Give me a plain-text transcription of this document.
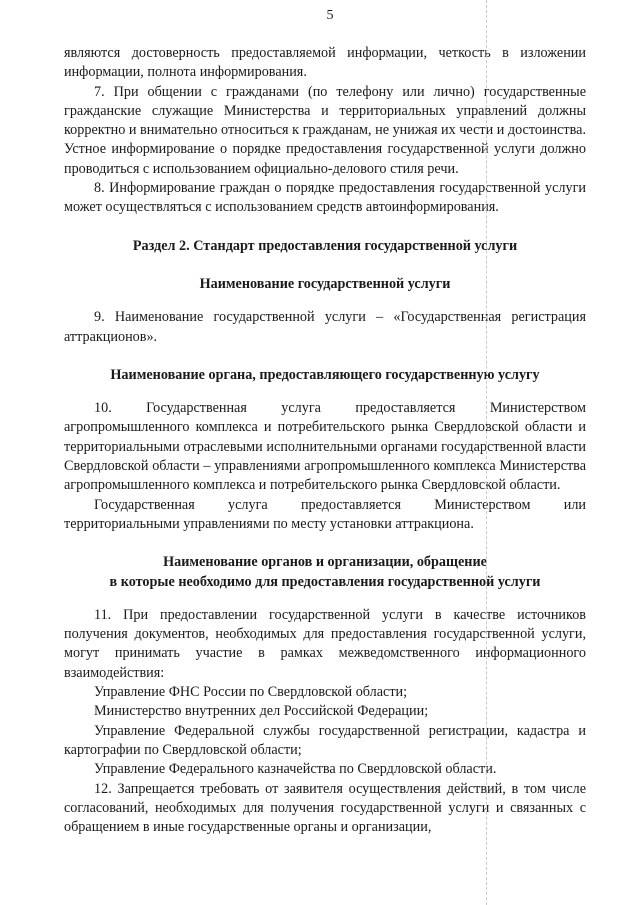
5

являются достоверность предоставляемой информации, четкость в изложении информации, полнота информирования.

7. При общении с гражданами (по телефону или лично) государственные гражданские служащие Министерства и территориальных управлений должны корректно и внимательно относиться к гражданам, не унижая их чести и достоинства. Устное информирование о порядке предоставления государственной услуги должно проводиться с использованием официально-делового стиля речи.

8. Информирование граждан о порядке предоставления государственной услуги может осуществляться с использованием средств автоинформирования.

Раздел 2. Стандарт предоставления государственной услуги
Наименование государственной услуги

9. Наименование государственной услуги – «Государственная регистрация аттракционов».

Наименование органа, предоставляющего государственную услугу

10. Государственная услуга предоставляется Министерством агропромышленного комплекса и потребительского рынка Свердловской области и территориальными отраслевыми исполнительными органами государственной власти Свердловской области – управлениями агропромышленного комплекса Министерства агропромышленного комплекса и потребительского рынка Свердловской области.

Государственная услуга предоставляется Министерством или территориальными управлениями по месту установки аттракциона.

Наименование органов и организации, обращение
в которые необходимо для предоставления государственной услуги

11. При предоставлении государственной услуги в качестве источников получения документов, необходимых для предоставления государственной услуги, могут принимать участие в рамках межведомственного информационного взаимодействия:

Управление ФНС России по Свердловской области;

Министерство внутренних дел Российской Федерации;

Управление Федеральной службы государственной регистрации, кадастра и картографии по Свердловской области;

Управление Федерального казначейства по Свердловской области.

12. Запрещается требовать от заявителя осуществления действий, в том числе согласований, необходимых для получения государственной услуги и связанных с обращением в иные государственные органы и организации,
